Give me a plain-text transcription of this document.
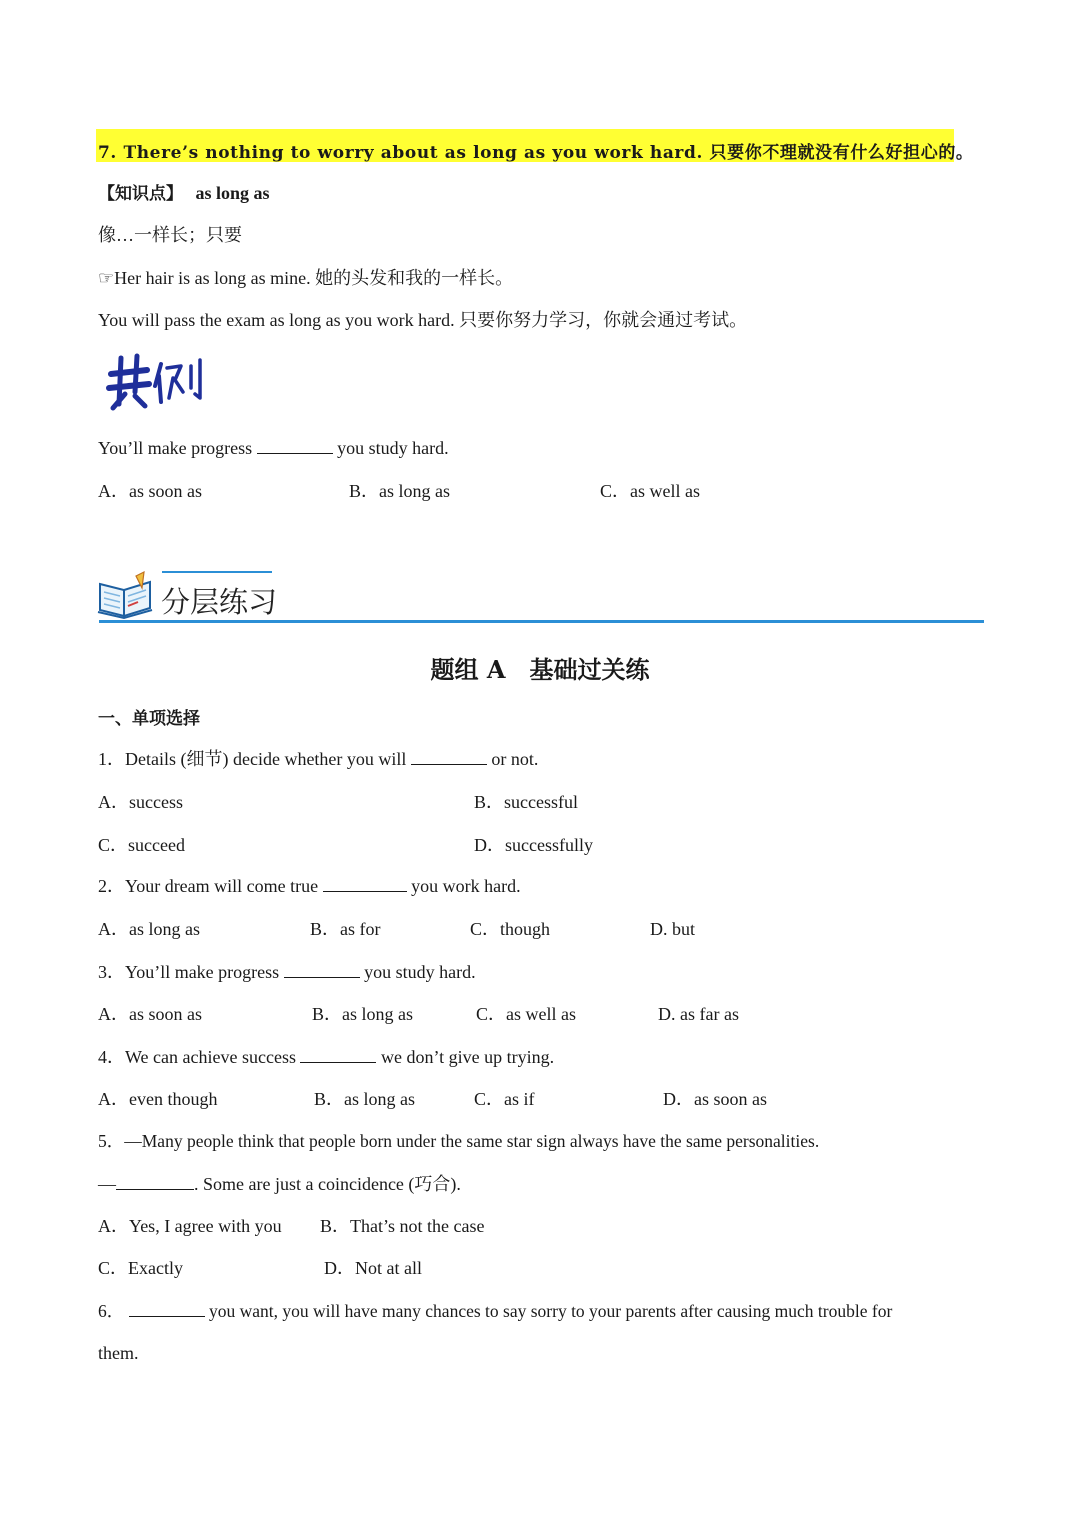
7. There’s nothing to worry about as long as you work hard. 只要你不理就没有什么好担心的。
【知识点】 as long as
像…一样长；只要
☞Her hair is as long as mine. 她的头发和我的一样长。
You will pass the exam as long as you work hard. 只要你努力学习，你就会通过考试。
You’ll make progress	you study hard.
A．as soon as	B．as long as	C．as well as
分层练习
题组 A　基础过关练
一、单项选择
1．Details (细节) decide whether you will	or not.
A．success	B．successful
C．succeed	D．successfully
2．Your dream will come true	you work hard.
A．as long as	B．as for	C．though	D. but
3．You’ll make progress	you study hard.
A．as soon as	B．as long as	C．as well as	D. as far as
4．We can achieve success	we don’t give up trying.
A．even though	B．as long as	C．as if	D．as soon as
5．—Many people think that people born under the same star sign always have the same personalities.
—	. Some are just a coincidence (巧合).
A．Yes, I agree with you B．That’s not the case
C．Exactly	D．Not at all
6．	you want, you will have many chances to say sorry to your parents after causing much trouble for
them.
